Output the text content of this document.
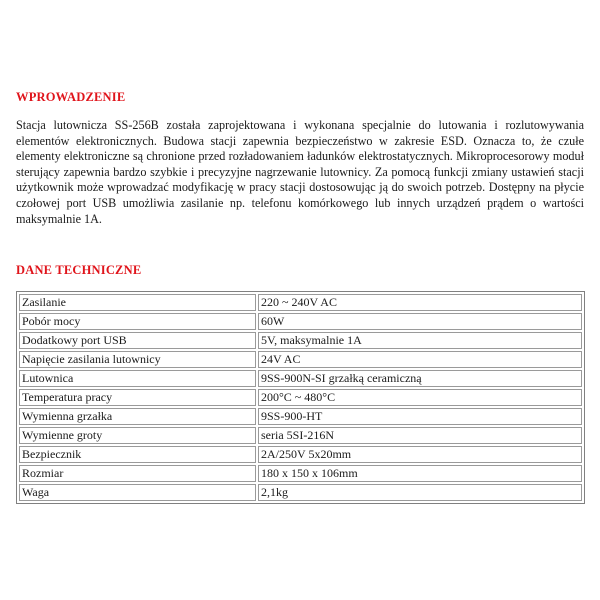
WPROWADZENIE

Stacja lutownicza SS-256B została zaprojektowana i wykonana specjalnie do lutowania i rozlutowywania elementów elektronicznych. Budowa stacji zapewnia bezpieczeństwo w zakresie ESD. Oznacza to, że czułe elementy elektroniczne są chronione przed rozładowaniem ładunków elektrostatycznych. Mikroprocesorowy moduł sterujący zapewnia bardzo szybkie i precyzyjne nagrzewanie lutownicy. Za pomocą funkcji zmiany ustawień stacji użytkownik może wprowadzać modyfikację w pracy stacji dostosowując ją do swoich potrzeb. Dostępny na płycie czołowej port USB umożliwia zasilanie np. telefonu komórkowego lub innych urządzeń prądem o wartości maksymalnie 1A.

DANE TECHNICZNE
Zasilanie	220 ~ 240V AC
Pobór mocy	60W
Dodatkowy port USB	5V, maksymalnie 1A
Napięcie zasilania lutownicy	24V AC
Lutownica	9SS-900N-SI grzałką ceramiczną
Temperatura pracy	200°C ~ 480°C
Wymienna grzałka	9SS-900-HT
Wymienne groty	seria 5SI-216N
Bezpiecznik	2A/250V 5x20mm
Rozmiar	180 x 150 x 106mm
Waga	2,1kg
